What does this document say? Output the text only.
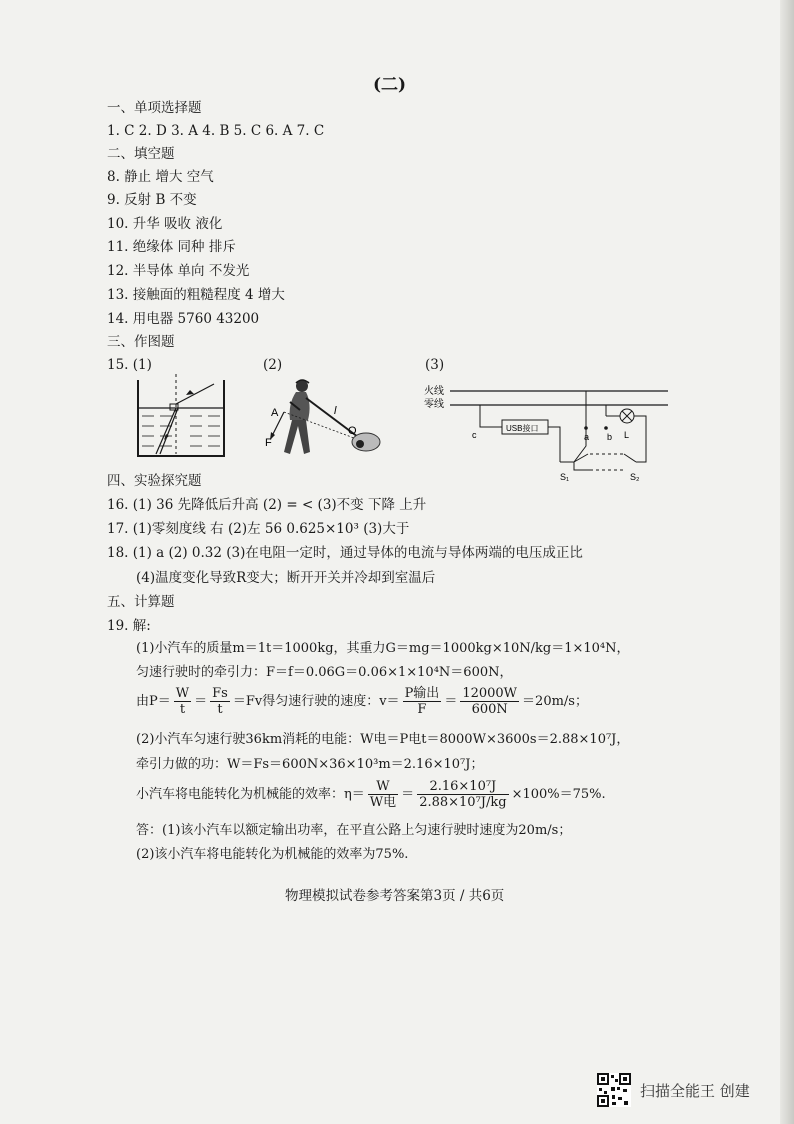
(二)
一、单项选择题
1. C 2. D 3. A 4. B 5. C 6. A 7. C
二、填空题
8. 静止 增大 空气
9. 反射 B 不变
10. 升华 吸收 液化
11. 绝缘体 同种 排斥
12. 半导体 单向 不发光
13. 接触面的粗糙程度 4 增大
14. 用电器 5760 43200
三、作图题
15. (1)	(2)	(3)
A
F
l
O
火线
零线
USB接口
c	a b L
S₁	S₂
四、实验探究题
16. (1) 36 先降低后升高 (2) = < (3)不变 下降 上升
17. (1)零刻度线 右 (2)左 56 0.625×10³ (3)大于
18. (1) a (2) 0.32 (3)在电阻一定时，通过导体的电流与导体两端的电压成正比
(4)温度变化导致R变大；断开开关并冷却到室温后
五、计算题
19. 解:
(1)小汽车的质量m＝1t＝1000kg，其重力G＝mg＝1000kg×10N/kg＝1×10⁴N，
匀速行驶时的牵引力：F＝f＝0.06G＝0.06×1×10⁴N＝600N，
由$P= \frac{W}{t} = \frac{Fs}{t} =Fv$得匀速行驶的速度：$v= \frac{\text{P输出}}{F} = \frac{12000W}{600N} =20m/s$；
(2)小汽车匀速行驶36km消耗的电能：W电＝P电t＝8000W×3600s＝2.88×10⁷J，
牵引力做的功：W＝Fs＝600N×36×10³m＝2.16×10⁷J；
小汽车将电能转化为机械能的效率：$\eta= \frac{W}{\text{W电}} = \frac{\text{2.16×10⁷J}}{\text{2.88×10⁷J/kg}} \times 100\%=75\%$.
答：(1)该小汽车以额定输出功率，在平直公路上匀速行驶时速度为20m/s；
(2)该小汽车将电能转化为机械能的效率为75%.
物理模拟试卷参考答案第3页 / 共6页
扫描全能王 创建
